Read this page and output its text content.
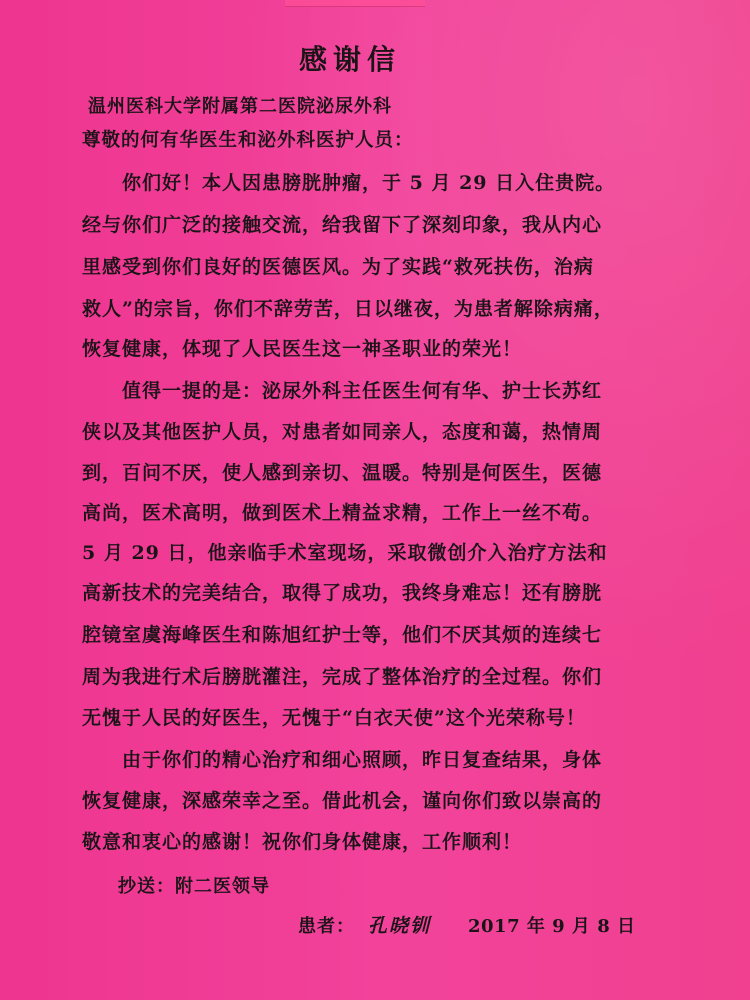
感谢信
温州医科大学附属第二医院泌尿外科
尊敬的何有华医生和泌外科医护人员：
你们好！本人因患膀胱肿瘤，于 5 月 29 日入住贵院。
经与你们广泛的接触交流，给我留下了深刻印象，我从内心
里感受到你们良好的医德医风。为了实践“救死扶伤，治病
救人”的宗旨，你们不辞劳苦，日以继夜，为患者解除病痛，
恢复健康，体现了人民医生这一神圣职业的荣光！
值得一提的是：泌尿外科主任医生何有华、护士长苏红
侠以及其他医护人员，对患者如同亲人，态度和蔼，热情周
到，百问不厌，使人感到亲切、温暖。特别是何医生，医德
高尚，医术高明，做到医术上精益求精，工作上一丝不苟。
5 月 29 日，他亲临手术室现场，采取微创介入治疗方法和
高新技术的完美结合，取得了成功，我终身难忘！还有膀胱
腔镜室虞海峰医生和陈旭红护士等，他们不厌其烦的连续七
周为我进行术后膀胱灌注，完成了整体治疗的全过程。你们
无愧于人民的好医生，无愧于“白衣天使”这个光荣称号！
由于你们的精心治疗和细心照顾，昨日复查结果，身体
恢复健康，深感荣幸之至。借此机会，谨向你们致以崇高的
敬意和衷心的感谢！祝你们身体健康，工作顺利！
抄送：附二医领导
患者： 孔晓钏 2017 年 9 月 8 日
